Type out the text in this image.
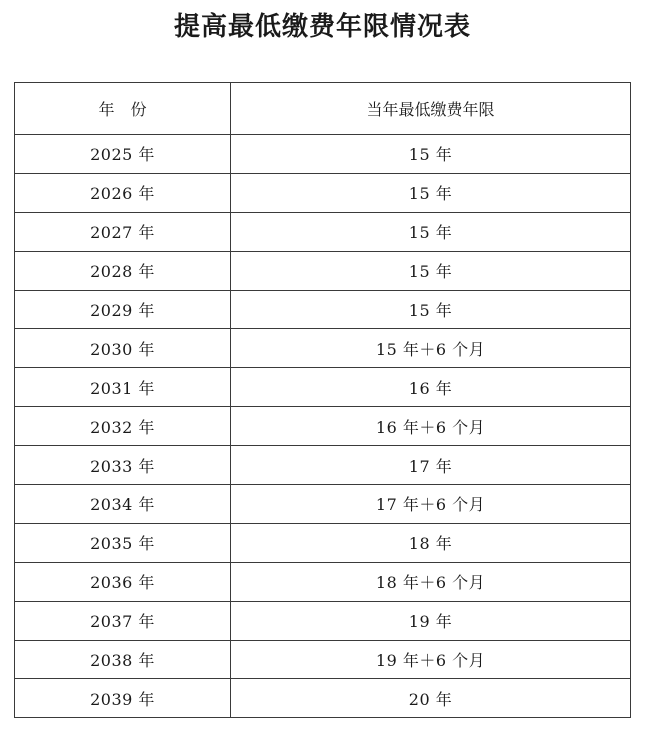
提高最低缴费年限情况表
年　份	当年最低缴费年限
2025 年	15 年
2026 年	15 年
2027 年	15 年
2028 年	15 年
2029 年	15 年
2030 年	15 年＋6 个月
2031 年	16 年
2032 年	16 年＋6 个月
2033 年	17 年
2034 年	17 年＋6 个月
2035 年	18 年
2036 年	18 年＋6 个月
2037 年	19 年
2038 年	19 年＋6 个月
2039 年	20 年
